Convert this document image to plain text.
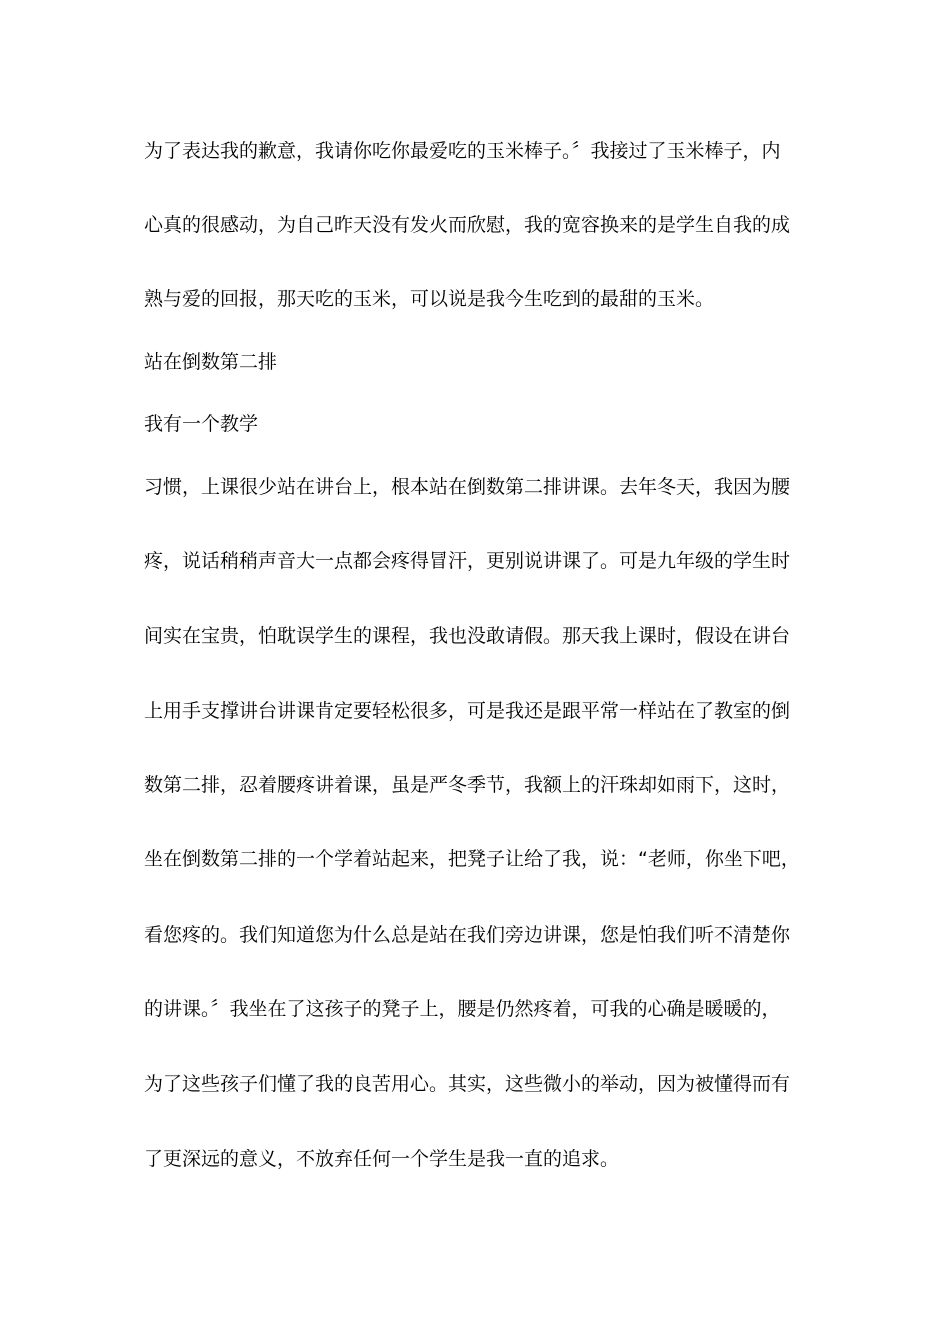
为了表达我的歉意，我请你吃你最爱吃的玉米棒子。〞我接过了玉米棒子，内
心真的很感动，为自己昨天没有发火而欣慰，我的宽容换来的是学生自我的成
熟与爱的回报，那天吃的玉米，可以说是我今生吃到的最甜的玉米。
站在倒数第二排
我有一个教学
习惯，上课很少站在讲台上，根本站在倒数第二排讲课。去年冬天，我因为腰
疼，说话稍稍声音大一点都会疼得冒汗，更别说讲课了。可是九年级的学生时
间实在宝贵，怕耽误学生的课程，我也没敢请假。那天我上课时，假设在讲台
上用手支撑讲台讲课肯定要轻松很多，可是我还是跟平常一样站在了教室的倒
数第二排，忍着腰疼讲着课，虽是严冬季节，我额上的汗珠却如雨下，这时，
坐在倒数第二排的一个学着站起来，把凳子让给了我，说：“老师，你坐下吧，
看您疼的。我们知道您为什么总是站在我们旁边讲课，您是怕我们听不清楚你
的讲课。〞我坐在了这孩子的凳子上，腰是仍然疼着，可我的心确是暖暖的，
为了这些孩子们懂了我的良苦用心。其实，这些微小的举动，因为被懂得而有
了更深远的意义，不放弃任何一个学生是我一直的追求。
